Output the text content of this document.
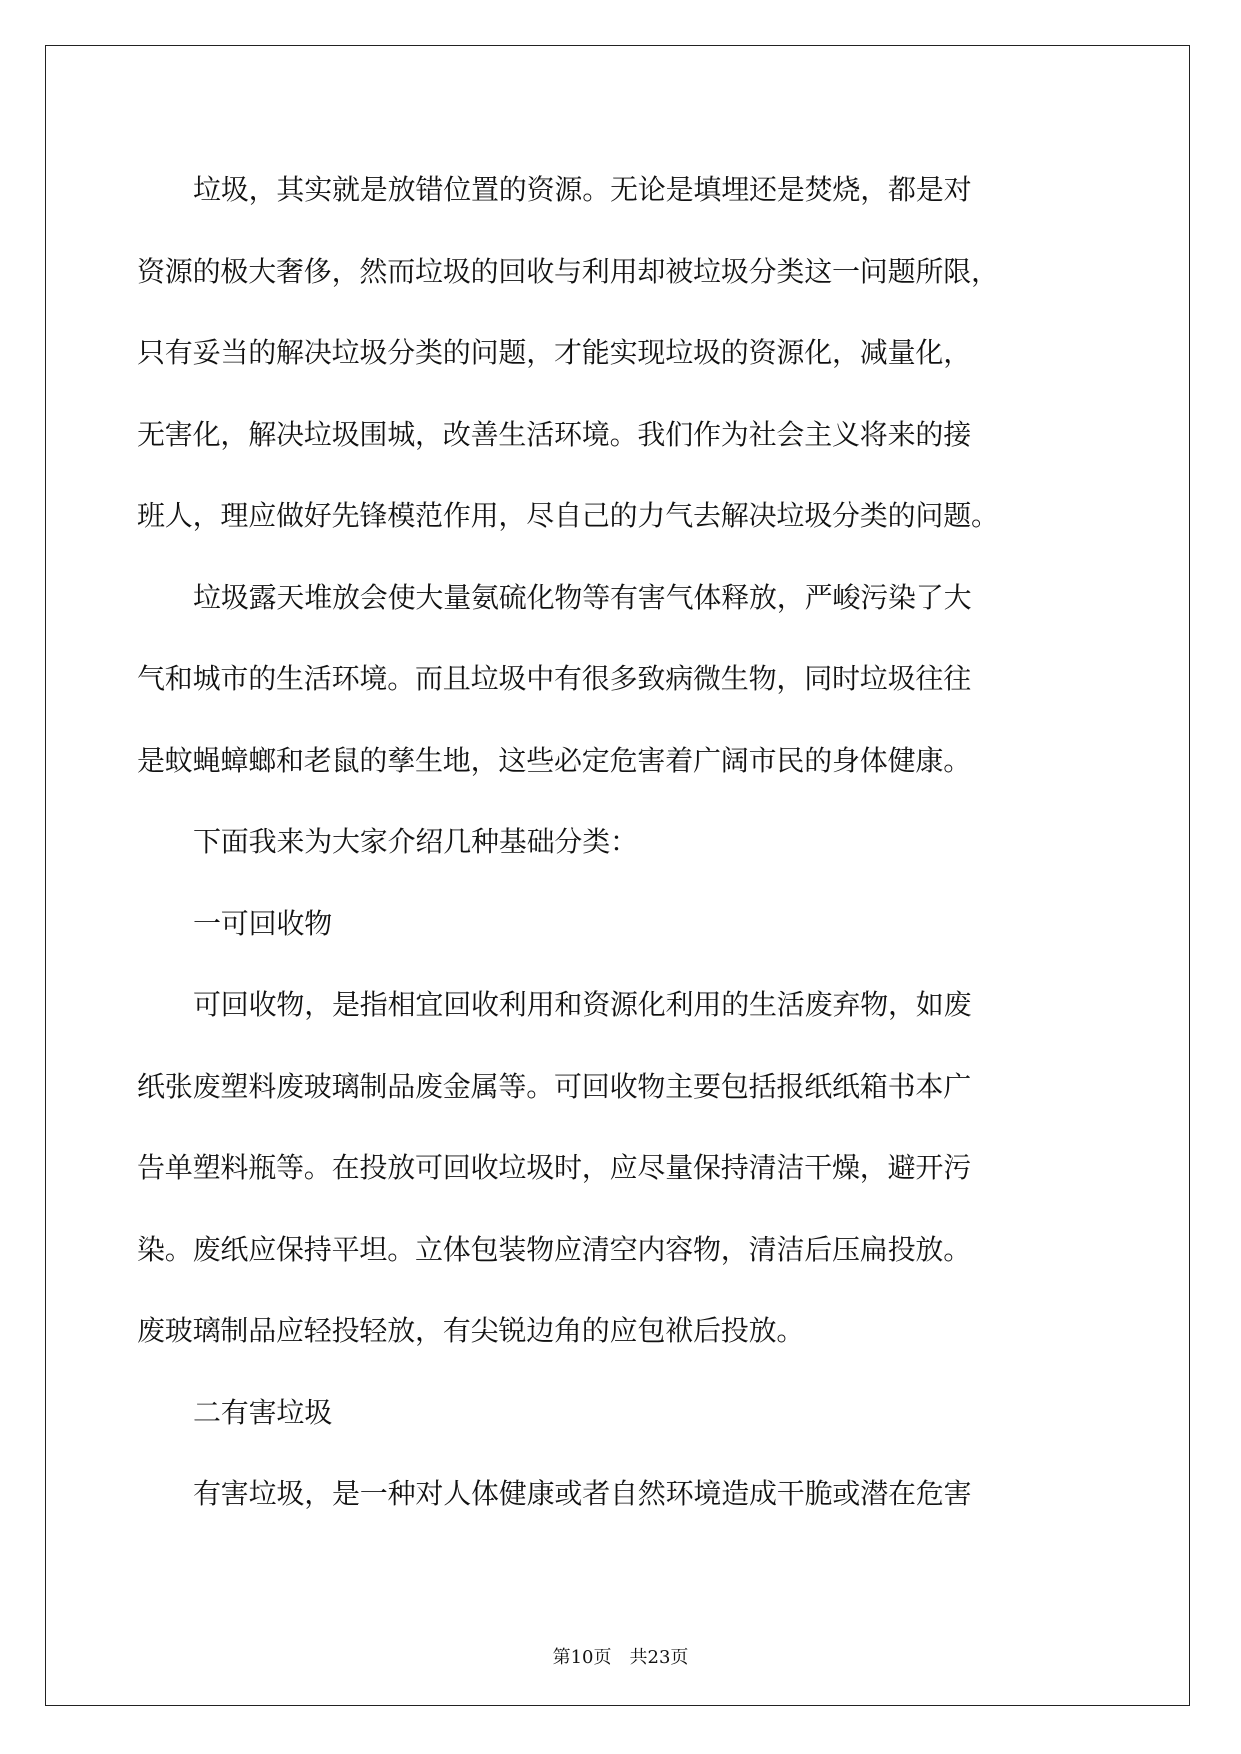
垃圾，其实就是放错位置的资源。无论是填埋还是焚烧，都是对
资源的极大奢侈，然而垃圾的回收与利用却被垃圾分类这一问题所限，
只有妥当的解决垃圾分类的问题，才能实现垃圾的资源化，减量化，
无害化，解决垃圾围城，改善生活环境。我们作为社会主义将来的接
班人，理应做好先锋模范作用，尽自己的力气去解决垃圾分类的问题。
垃圾露天堆放会使大量氨硫化物等有害气体释放，严峻污染了大
气和城市的生活环境。而且垃圾中有很多致病微生物，同时垃圾往往
是蚊蝇蟑螂和老鼠的孳生地，这些必定危害着广阔市民的身体健康。
下面我来为大家介绍几种基础分类：
一可回收物
可回收物，是指相宜回收利用和资源化利用的生活废弃物，如废
纸张废塑料废玻璃制品废金属等。可回收物主要包括报纸纸箱书本广
告单塑料瓶等。在投放可回收垃圾时，应尽量保持清洁干燥，避开污
染。废纸应保持平坦。立体包装物应清空内容物，清洁后压扁投放。
废玻璃制品应轻投轻放，有尖锐边角的应包袱后投放。
二有害垃圾
有害垃圾，是一种对人体健康或者自然环境造成干脆或潜在危害
第10页 共23页
